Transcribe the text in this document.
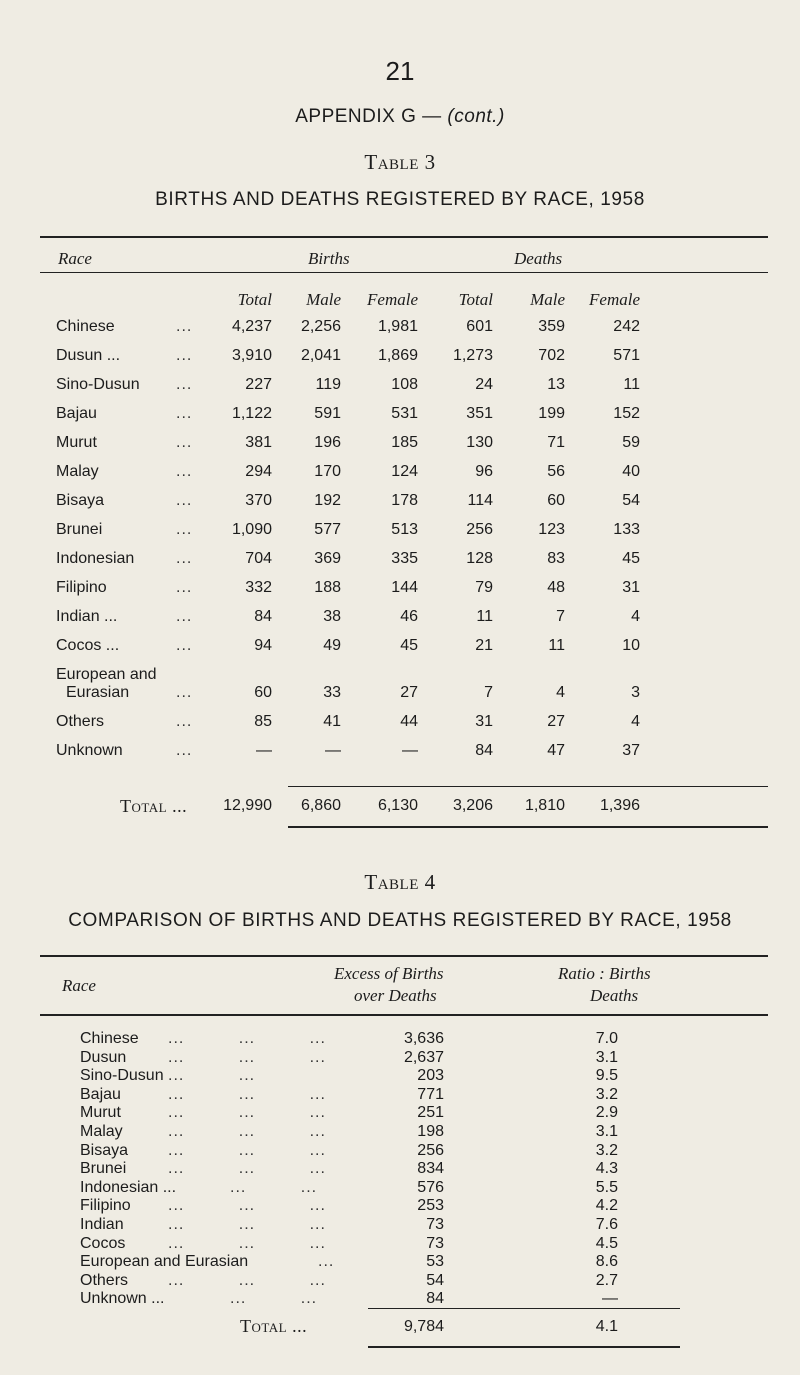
21
APPENDIX G — (cont.)
Table 3
BIRTHS AND DEATHS REGISTERED BY RACE, 1958
Race	Births	Deaths
Total	Male	Female	Total	Male	Female
Chinese	...	4,237	2,256	1,981	601	359	242
Dusun ...	...	3,910	2,041	1,869	1,273	702	571
Sino-Dusun ...	227	119	108	24	13	11
Bajau	...	1,122	591	531	351	199	152
Murut	...	381	196	185	130	71	59
Malay	...	294	170	124	96	56	40
Bisaya	...	370	192	178	114	60	54
Brunei	...	1,090	577	513	256	123	133
Indonesian	...	704	369	335	128	83	45
Filipino	...	332	188	144	79	48	31
Indian ...	...	84	38	46	11	7	4
Cocos ...	...	94	49	45	21	11	10
European and
Eurasian	...	60	33	27	7	4	3
Others	...	85	41	44	31	27	4
Unknown	...	—	—	—	84	47	37
Total ...	12,990	6,860	6,130	3,206	1,810	1,396
Table 4
COMPARISON OF BIRTHS AND DEATHS REGISTERED BY RACE, 1958
Race
Excess of Births
over Deaths
Ratio : Births
Deaths
Chinese ...          ...          ...	3,636	7.0
Dusun	...          ...          ...	2,637	3.1
Sino-Dusun ...          ...	203	9.5
Bajau	...          ...          ...	771	3.2
Murut	...          ...          ...	251	2.9
Malay	...          ...          ...	198	3.1
Bisaya ...          ...          ...	256	3.2
Brunei	...          ...          ...	834	4.3
Indonesian ...	...          ...	576	5.5
Filipino ...          ...          ...	253	4.2
Indian	...          ...          ...	73	7.6
Cocos	...          ...          ...	73	4.5
European and Eurasian	...	53	8.6
Others ...          ...          ...	54	2.7
Unknown ...	...          ...	84	—
Total ...	9,784	4.1
